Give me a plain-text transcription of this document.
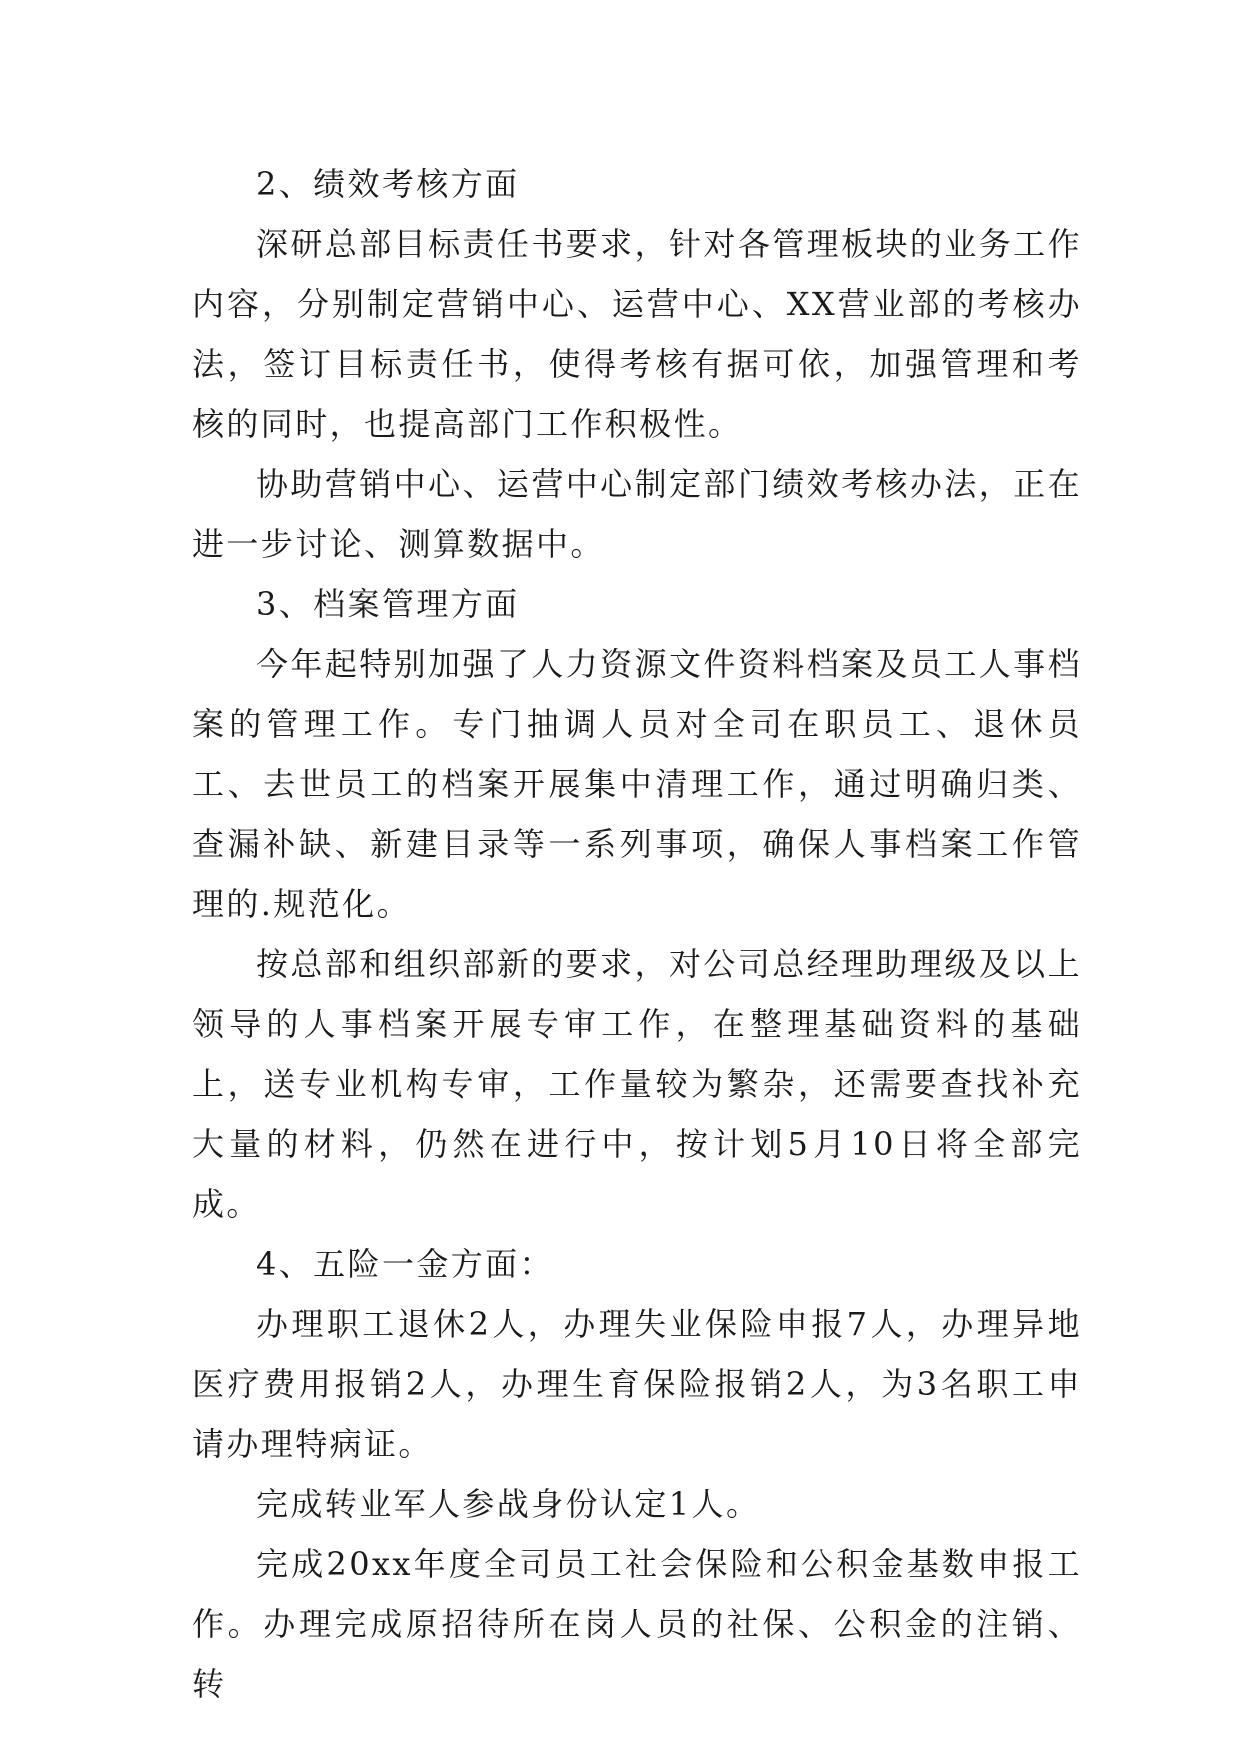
2、绩效考核方面

深研总部目标责任书要求，针对各管理板块的业务工作内容，分别制定营销中心、运营中心、XX营业部的考核办法，签订目标责任书，使得考核有据可依，加强管理和考核的同时，也提高部门工作积极性。

协助营销中心、运营中心制定部门绩效考核办法，正在进一步讨论、测算数据中。

3、档案管理方面

今年起特别加强了人力资源文件资料档案及员工人事档案的管理工作。专门抽调人员对全司在职员工、退休员工、去世员工的档案开展集中清理工作，通过明确归类、查漏补缺、新建目录等一系列事项，确保人事档案工作管理的.规范化。

按总部和组织部新的要求，对公司总经理助理级及以上领导的人事档案开展专审工作，在整理基础资料的基础上，送专业机构专审，工作量较为繁杂，还需要查找补充大量的材料，仍然在进行中，按计划5月10日将全部完成。

4、五险一金方面：

办理职工退休2人，办理失业保险申报7人，办理异地医疗费用报销2人，办理生育保险报销2人，为3名职工申请办理特病证。

完成转业军人参战身份认定1人。

完成20xx年度全司员工社会保险和公积金基数申报工作。办理完成原招待所在岗人员的社保、公积金的注销、转
